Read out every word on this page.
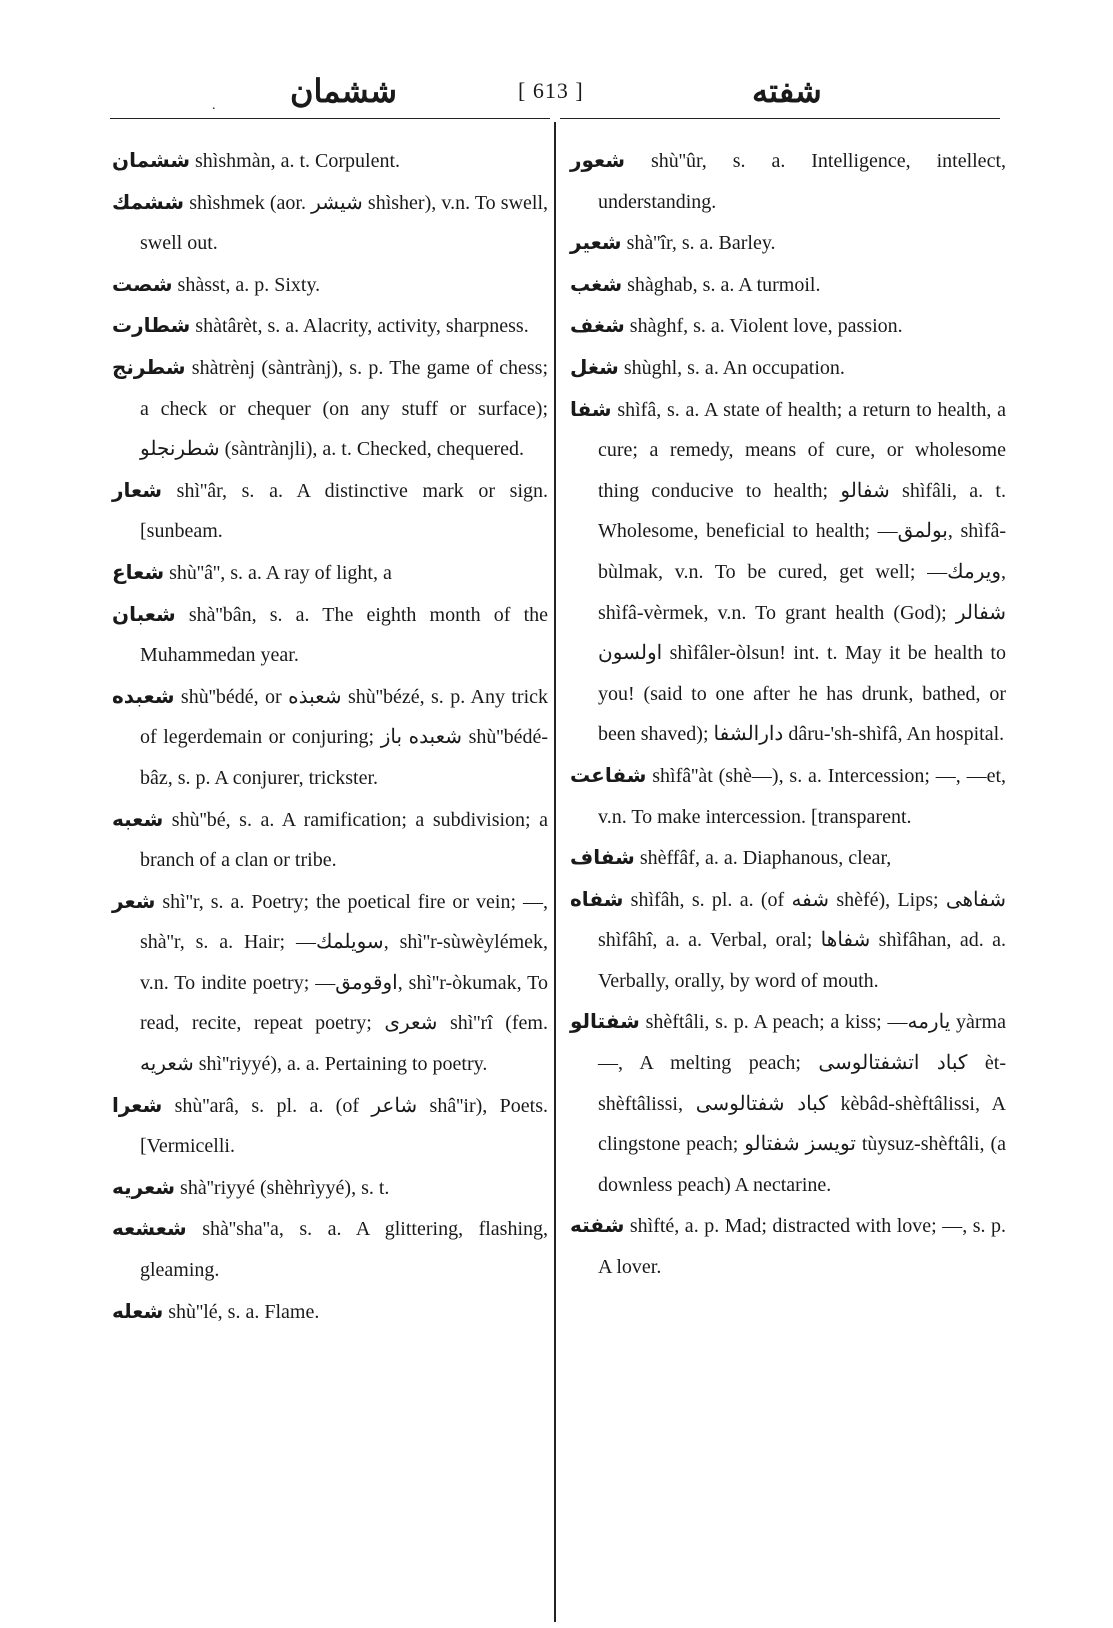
ششمان
.
[ 613 ]	شفته

ششمان shìshmàn, a. t. Corpulent.

ششمك shìshmek (aor. شيشر shìsher), v.n. To swell, swell out.

شصت shàsst, a. p. Sixty.

شطارت shàtârèt, s. a. Alacrity, activity, sharpness.

شطرنج shàtrènj (sàntrànj), s. p. The game of chess; a check or chequer (on any stuff or surface); شطرنجلو (sàntrànjli), a. t. Checked, chequered.

شعار shì''âr, s. a. A distinctive mark or sign. [sunbeam.

شعاع shù''â'', s. a. A ray of light, a

شعبان shà''bân, s. a. The eighth month of the Muhammedan year.

شعبده shù''bédé, or شعبذه shù''bézé, s. p. Any trick of legerdemain or conjuring; شعبده باز shù''bédé-bâz, s. p. A conjurer, trickster.

شعبه shù''bé, s. a. A ramification; a subdivision; a branch of a clan or tribe.

شعر shì''r, s. a. Poetry; the poetical fire or vein; —, shà''r, s. a. Hair; —سويلمك, shì''r-sùwèylémek, v.n. To indite poetry; —اوقومق, shì''r-òkumak, To read, recite, repeat poetry; شعرى shì''rî (fem. شعريه shì''riyyé), a. a. Pertaining to poetry.

شعرا shù''arâ, s. pl. a. (of شاعر shâ''ir), Poets. [Vermicelli.

شعريه shà''riyyé (shèhrìyyé), s. t.

شعشعه shà''sha''a, s. a. A glittering, flashing, gleaming.

شعله shù''lé, s. a. Flame.

شعور shù''ûr, s. a. Intelligence, intellect, understanding.

شعير shà''îr, s. a. Barley.

شغب shàghab, s. a. A turmoil.

شغف shàghf, s. a. Violent love, passion.

شغل shùghl, s. a. An occupation.

شفا shìfâ, s. a. A state of health; a return to health, a cure; a remedy, means of cure, or wholesome thing conducive to health; شفالو shìfâli, a. t. Wholesome, beneficial to health; —بولمق, shìfâ-bùlmak, v.n. To be cured, get well; —ويرمك, shìfâ-vèrmek, v.n. To grant health (God); شفالر اولسون shìfâler-òlsun! int. t. May it be health to you! (said to one after he has drunk, bathed, or been shaved); دارالشفا dâru-'sh-shìfâ, An hospital.

شفاعت shìfâ''àt (shè—), s. a. Intercession; —, —et, v.n. To make intercession. [transparent.

شفاف shèffâf, a. a. Diaphanous, clear,

شفاه shìfâh, s. pl. a. (of شفه shèfé), Lips; شفاهى shìfâhî, a. a. Verbal, oral; شفاها shìfâhan, ad. a. Verbally, orally, by word of mouth.

شفتالو shèftâli, s. p. A peach; a kiss; —يارمه yàrma—, A melting peach; كباد اتشفتالوسى èt-shèftâlissi, كباد شفتالوسى kèbâd-shèftâlissi, A clingstone peach; تويسز شفتالو tùysuz-shèftâli, (a downless peach) A nectarine.

شفته shìfté, a. p. Mad; distracted with love; —, s. p. A lover.
